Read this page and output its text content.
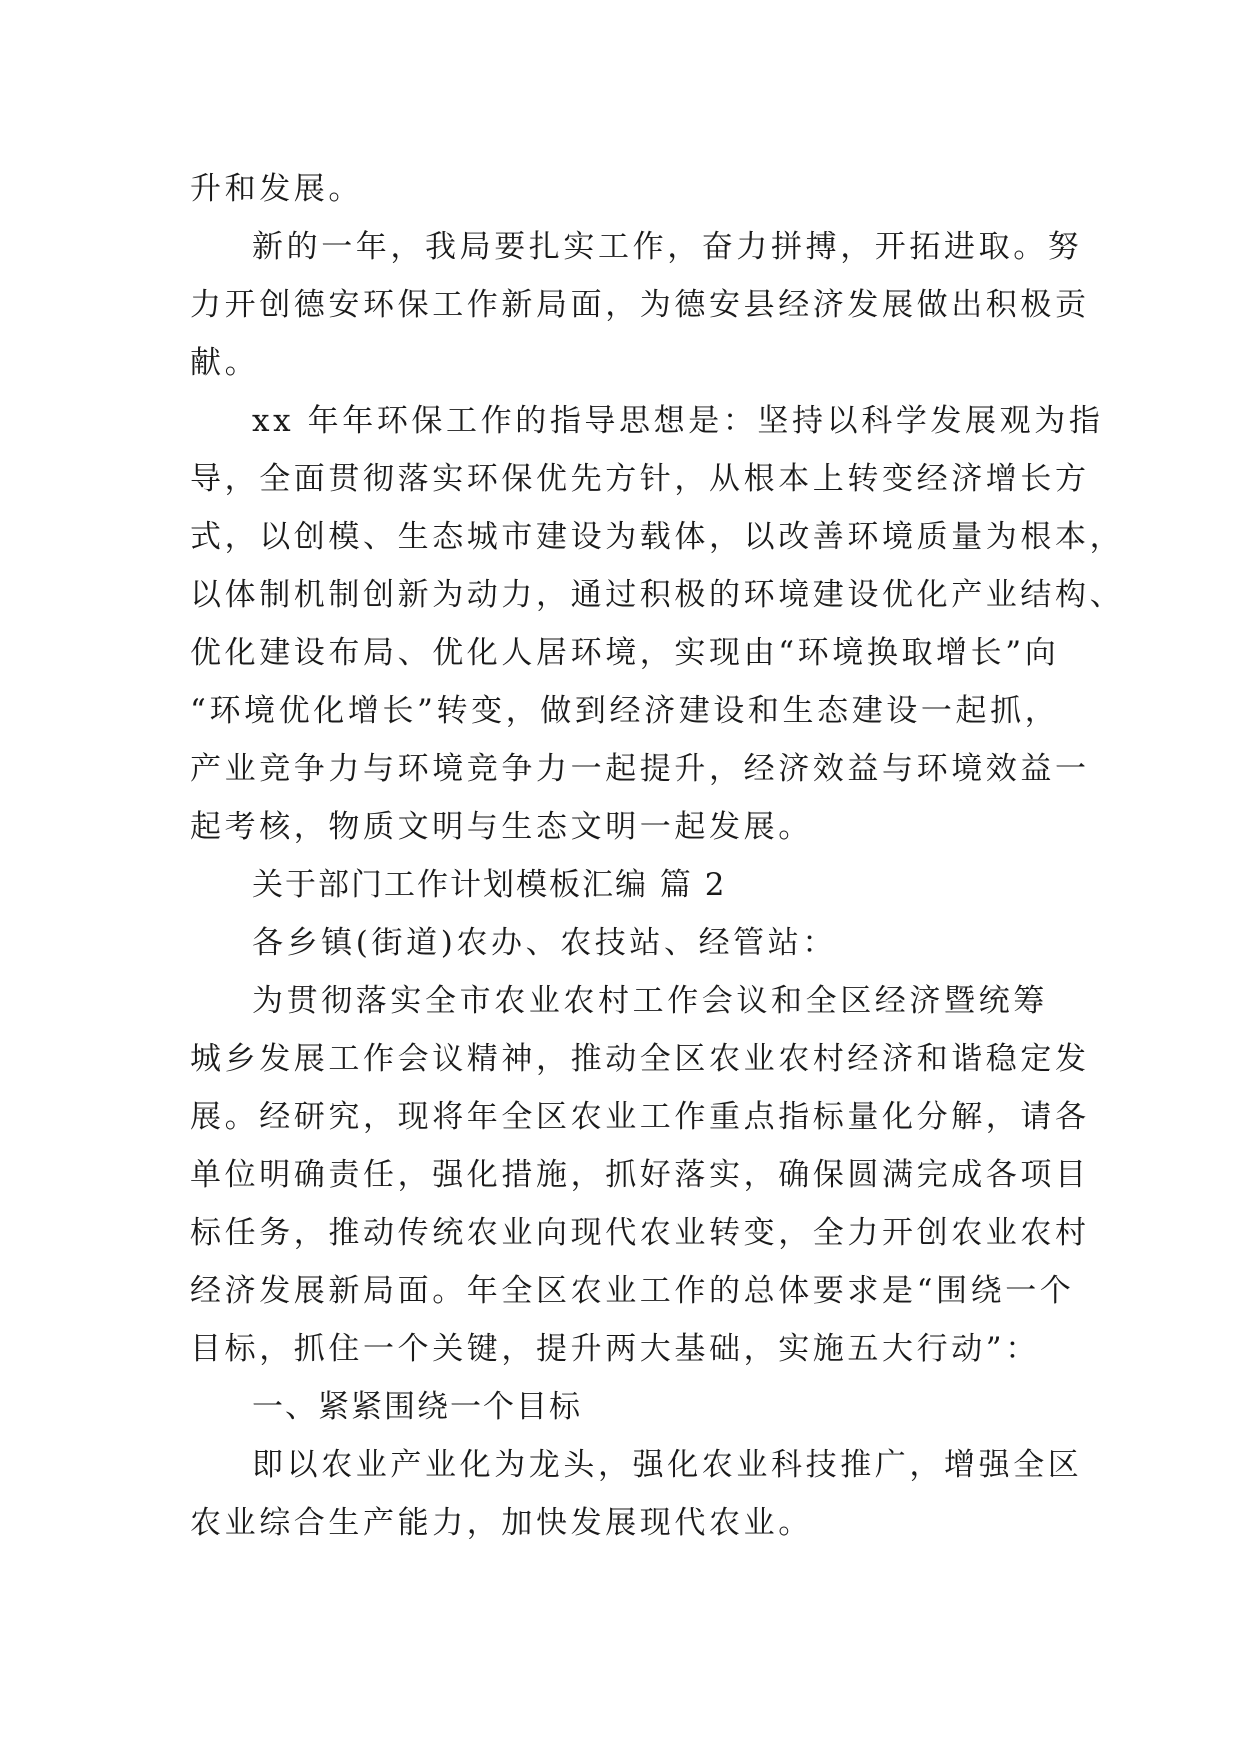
升和发展。
新的一年，我局要扎实工作，奋力拼搏，开拓进取。努
力开创德安环保工作新局面，为德安县经济发展做出积极贡
献。
xx 年年环保工作的指导思想是：坚持以科学发展观为指
导，全面贯彻落实环保优先方针，从根本上转变经济增长方
式，以创模、生态城市建设为载体，以改善环境质量为根本，
以体制机制创新为动力，通过积极的环境建设优化产业结构、
优化建设布局、优化人居环境，实现由“环境换取增长”向
“环境优化增长”转变，做到经济建设和生态建设一起抓，
产业竞争力与环境竞争力一起提升，经济效益与环境效益一
起考核，物质文明与生态文明一起发展。
关于部门工作计划模板汇编 篇 2
各乡镇(街道)农办、农技站、经管站：
为贯彻落实全市农业农村工作会议和全区经济暨统筹
城乡发展工作会议精神，推动全区农业农村经济和谐稳定发
展。经研究，现将年全区农业工作重点指标量化分解，请各
单位明确责任，强化措施，抓好落实，确保圆满完成各项目
标任务，推动传统农业向现代农业转变，全力开创农业农村
经济发展新局面。年全区农业工作的总体要求是“围绕一个
目标，抓住一个关键，提升两大基础，实施五大行动”：
一、紧紧围绕一个目标
即以农业产业化为龙头，强化农业科技推广，增强全区
农业综合生产能力，加快发展现代农业。
